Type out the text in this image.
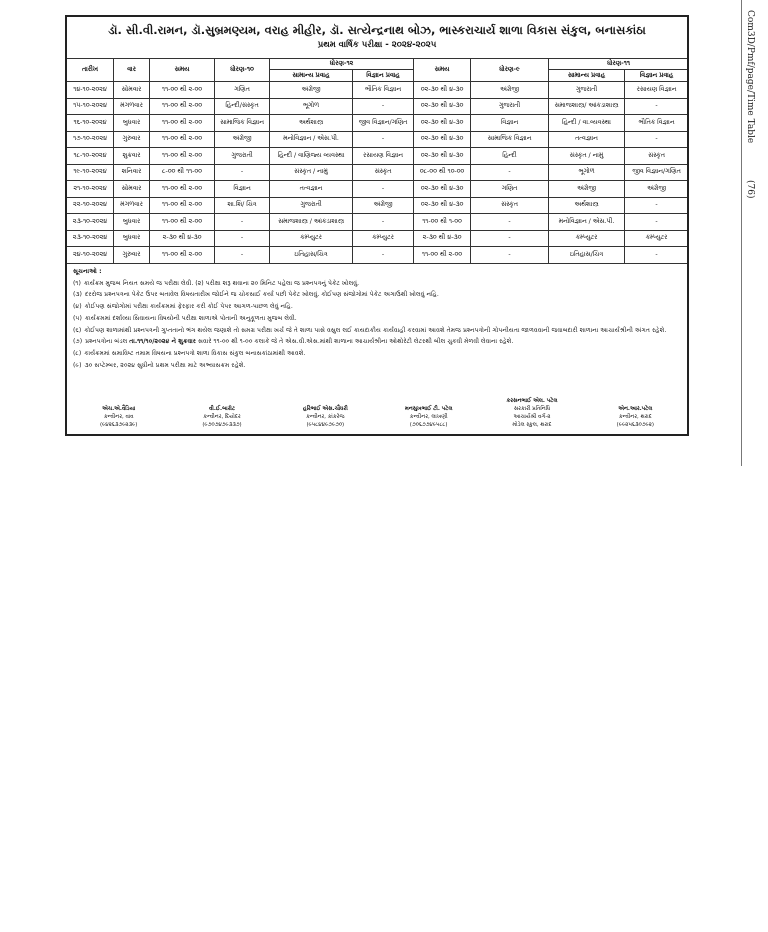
Com3D/Pmf/page/Time Table
(76)
ડૉ. સી.વી.રામન, ડૉ.સુબ્રમણ્યમ, વરાહ મીહીર, ડૉ. સત્યેન્દ્રનાથ બોઝ, ભાસ્કરાચાર્ય શાળા વિકાસ સંકુલ, બનાસકાંઠા
પ્રથમ વાર્ષિક પરીક્ષા - ૨૦૨૪-૨૦૨૫
તારીખ	વાર	સમય	ધોરણ-૧૦	ધોરણ-૧૨		સમય	ધોરણ-૯	ધોરણ-૧૧	
				સામાન્ય પ્રવાહ	વિજ્ઞાન પ્રવાહ			સામાન્ય પ્રવાહ	વિજ્ઞાન પ્રવાહ
૧૪-૧૦-૨૦૨૪	સોમવાર	૧૧-૦૦ થી ૨-૦૦	ગણિત	અંગ્રેજી	ભૌતિક વિજ્ઞાન	૦૨-૩૦ થી ૪-૩૦	અંગ્રેજી	ગુજરાતી	રસાયણ વિજ્ઞાન
૧૫-૧૦-૨૦૨૪	મંગળવાર	૧૧-૦૦ થી ૨-૦૦	હિન્દી/સંસ્કૃત	ભૂગોળ	-	૦૨-૩૦ થી ૪-૩૦	ગુજરાતી	સમાજશાસ્ત્ર/ આંકડાશાસ્ત્ર	-
૧૬-૧૦-૨૦૨૪	બુધવાર	૧૧-૦૦ થી ૨-૦૦	સામાજિક વિજ્ઞાન	અર્થશાસ્ત્ર	જીવ વિજ્ઞાન/ગણિત	૦૨-૩૦ થી ૪-૩૦	વિજ્ઞાન	હિન્દી / વા.વ્યવસ્થા	ભૌતિક વિજ્ઞાન
૧૭-૧૦-૨૦૨૪	ગુરુવાર	૧૧-૦૦ થી ૨-૦૦	અંગ્રેજી	મનોવિજ્ઞાન / એસ.પી.	-	૦૨-૩૦ થી ૪-૩૦	સામાજિક વિજ્ઞાન	તત્વજ્ઞાન	-
૧૮-૧૦-૨૦૨૪	શુક્રવાર	૧૧-૦૦ થી ૨-૦૦	ગુજરાતી	હિન્દી / વાણિજ્ય વ્યવસ્થા	રસાયણ વિજ્ઞાન	૦૨-૩૦ થી ૪-૩૦	હિન્દી	સંસ્કૃત / નામું	સંસ્કૃત
૧૯-૧૦-૨૦૨૪	શનિવાર	૮-૦૦ થી ૧૧-૦૦	-	સંસ્કૃત / નામું	સંસ્કૃત	૦૮-૦૦ થી ૧૦-૦૦	-	ભૂગોળ	જીવ વિજ્ઞાન/ગણિત
૨૧-૧૦-૨૦૨૪	સોમવાર	૧૧-૦૦ થી ૨-૦૦	વિજ્ઞાન	તત્વજ્ઞાન	-	૦૨-૩૦ થી ૪-૩૦	ગણિત	અંગ્રેજી	અંગ્રેજી
૨૨-૧૦-૨૦૨૪	મંગળવાર	૧૧-૦૦ થી ૨-૦૦	શા.શિ/ ચિત્ર	ગુજરાતી	અંગ્રેજી	૦૨-૩૦ થી ૪-૩૦	સંસ્કૃત	અર્થશાસ્ત્ર	-
૨૩-૧૦-૨૦૨૪	બુધવાર	૧૧-૦૦ થી ૨-૦૦	-	સમાજશાસ્ત્ર / આંકડાશાસ્ત્ર	-	૧૧-૦૦ થી ૧-૦૦	-	મનોવિજ્ઞાન / એસ.પી.	-
૨૩-૧૦-૨૦૨૪	બુધવાર	૨-૩૦ થી ૪-૩૦	-	કમ્પ્યુટર	કમ્પ્યુટર	૨-૩૦ થી ૪-૩૦	-	કમ્પ્યુટર	કમ્પ્યુટર
૨૪-૧૦-૨૦૨૪	ગુરુવાર	૧૧-૦૦ થી ૨-૦૦	-	ઇતિહાસ/ચિત્ર	-	૧૧-૦૦ થી ૨-૦૦	-	ઇતિહાસ/ચિત્ર	-
સૂચનાઓ :
(૧) કાર્યક્રમ મુજબ નિયત સમયે જ પરીક્ષા લેવી. (૨) પરીક્ષા શરૂ થવાના ૨૦ મિનિટ પહેલા જ પ્રશ્નપત્રનું પેકેટ ખોલવું.
(૩) દરરોજ પ્રશ્નપત્રના પેકેટ ઉપર બતાવેલ વિષયતારીખ જોઈને જ ચોકસાઈ કર્યા પછી પેકેટ ખોલવું. કોઈપણ સંજોગોમાં પેકેટ અગાઉથી ખોલવું નહિ.
(૪) કોઈપણ સંજોગોમાં પરીક્ષા કાર્યક્રમમાં ફેરફાર કરી કોઈ પેપર આગળ-પાછળ લેવું નહિ.
(૫) કાર્યક્રમમાં દર્શાવ્યા સિવાયના વિષયોની પરીક્ષા શાળાએ પોતાની અનુકૂળતા મુજબ લેવી.
(૬) કોઈપણ શાળામાંથી પ્રશ્નપત્રની ગુપ્તતાનો ભંગ થયેલ જણાશે તો સમગ્ર પરીક્ષા ખર્ચ જે તે શાળા પાસે વસુલ લઈ કાયદાકીય કાર્યવાહી કરવામાં આવશે તેમજ પ્રશ્નપત્રોની ગોપનીયતા જાળવવાની જવાબદારી શાળાના આચાર્યશ્રીની અંગત રહેશે.
(૭) પ્રશ્નપત્રોના બંડલ તા.૧૧/૧૦/૨૦૨૪ ને શુક્રવાર સવારે ૧૧-૦૦ થી ૧-૦૦ કલાકે જે તે એસ.વી.એસ.માંથી શાળાના આચાર્યશ્રીના ઓથોરેટી લેટરથી બીલ ચુકવી મેળવી લેવાના રહેશે.
(૮) કાર્યક્રમમાં સમાવિષ્ટ તમામ વિષયના પ્રશ્નપત્રો શાળા વિકાસ સંકુલ બનાસકાંઠામાંથી આવશે.
(૯) ૩૦ સપ્ટેમ્બર, ૨૦૨૪ સુધીનો પ્રથમ પરીક્ષા માટે અભ્યાસક્રમ રહેશે.
એચ.એ.વૈડિયા
કન્વીનર, વાવ
(૯૪૨૬૩૭૯૨૩૯)
વી.ઈ.બારોટ
કન્વીનર, દિયોદર
(૯૭૦૭૪૭૯૩૩૭)
હરિભાઈ એસ.ચૌધરી
કન્વીનર, કાંકરેજ
(૯૫૮૪૪૯૭૯૭૦)
મનસુખભાઈ ટી. પટેલ
કન્વીનર, લાખણી
(૭૦૬૭૭૪૯૫૮૮)
કરસનભાઈ એલ. પટેલ
સરકારી પ્રતિનિધિ
આચાર્યશ્રી વર્ગ-૨
મોડેલ સ્કુલ, થરાદ
એન.આર.પટેલ
કન્વીનર, થરાદ
(૯૯૨૫૬૩૦૭૯૨)
